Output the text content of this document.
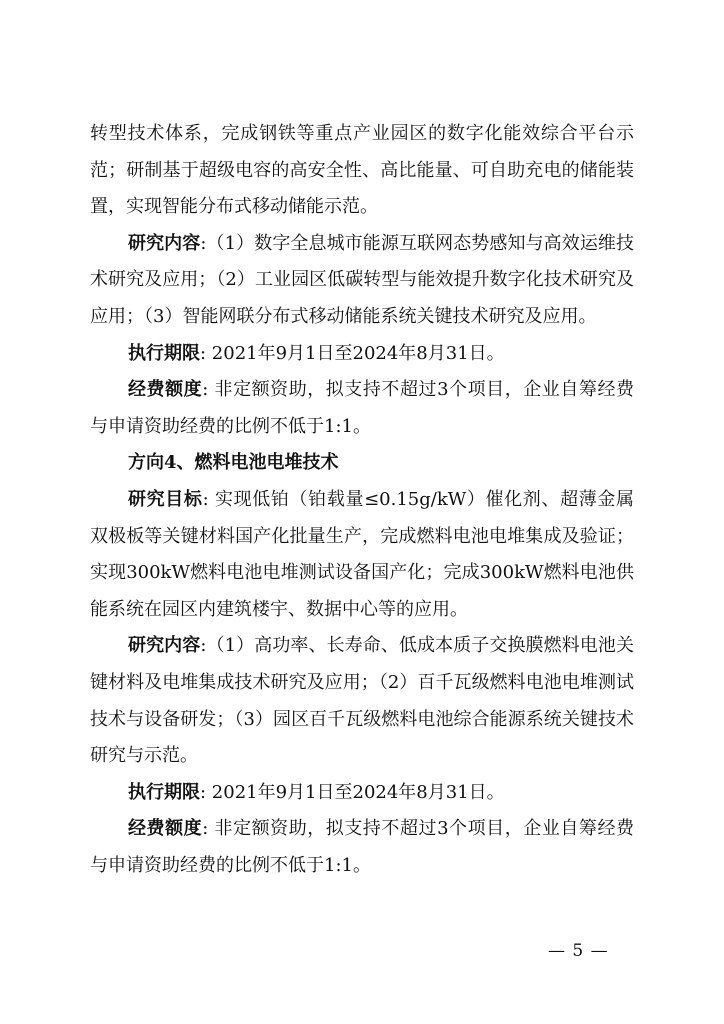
转型技术体系，完成钢铁等重点产业园区的数字化能效综合平台示范；研制基于超级电容的高安全性、高比能量、可自助充电的储能装置，实现智能分布式移动储能示范。

研究内容:（1）数字全息城市能源互联网态势感知与高效运维技术研究及应用；（2）工业园区低碳转型与能效提升数字化技术研究及应用；（3）智能网联分布式移动储能系统关键技术研究及应用。

执行期限: 2021年9月1日至2024年8月31日。

经费额度: 非定额资助，拟支持不超过3个项目，企业自筹经费与申请资助经费的比例不低于1:1。

方向4、燃料电池电堆技术

研究目标: 实现低铂（铂载量≤0.15g/kW）催化剂、超薄金属双极板等关键材料国产化批量生产，完成燃料电池电堆集成及验证；实现300kW燃料电池电堆测试设备国产化；完成300kW燃料电池供能系统在园区内建筑楼宇、数据中心等的应用。

研究内容:（1）高功率、长寿命、低成本质子交换膜燃料电池关键材料及电堆集成技术研究及应用；（2）百千瓦级燃料电池电堆测试技术与设备研发；（3）园区百千瓦级燃料电池综合能源系统关键技术研究与示范。

执行期限: 2021年9月1日至2024年8月31日。

经费额度: 非定额资助，拟支持不超过3个项目，企业自筹经费与申请资助经费的比例不低于1:1。

— 5 —
